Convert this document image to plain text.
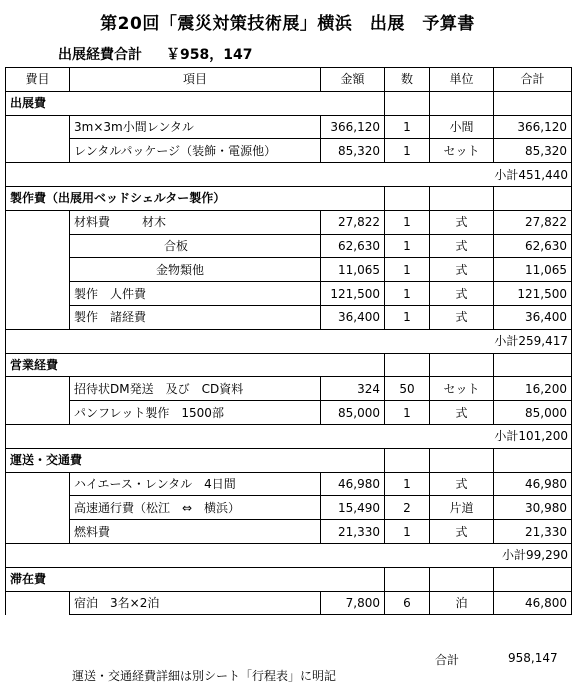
第20回「震災対策技術展」横浜　出展　予算書
出展経費合計 ￥958，147
費目	項目	金額	数	単位	合計
出展費					
	3m×3m小間レンタル	366,120	1	小間	366,120
	レンタルパッケージ（装飾・電源他）	85,320	1	セット	85,320
小計451,440					
製作費（出展用ベッドシェルター製作）					
	材料費 材木	27,822	1	式	27,822
	合板	62,630	1	式	62,630
	金物類他	11,065	1	式	11,065
	製作　人件費	121,500	1	式	121,500
	製作　諸経費	36,400	1	式	36,400
小計259,417					
営業経費					
	招待状DM発送　及び　CD資料	324	50	セット	16,200
	パンフレット製作　1500部	85,000	1	式	85,000
小計101,200					
運送・交通費					
	ハイエース・レンタル　4日間	46,980	1	式	46,980
	高速通行費（松江　⇔　横浜）	15,490	2	片道	30,980
	燃料費	21,330	1	式	21,330
小計99,290					
滞在費					
	宿泊　3名×2泊	7,800	6	泊	46,800
合計	958,147
運送・交通経費詳細は別シート「行程表」に明記
